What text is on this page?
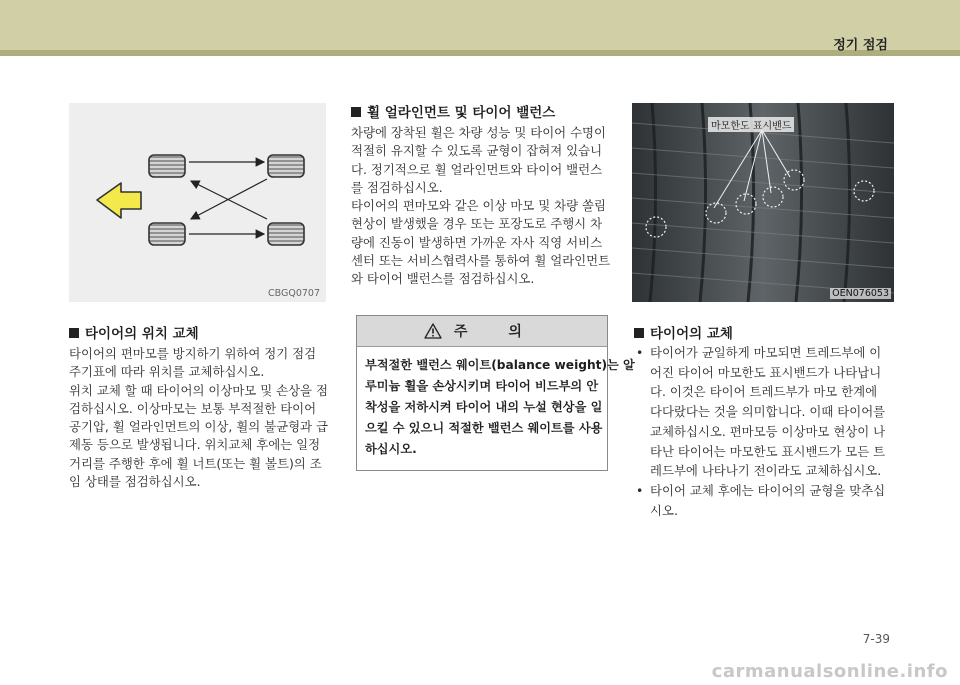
정기 점검
CBGQ0707
마모한도 표시밴드
OEN076053
타이어의 위치 교체
타이어의 편마모를 방지하기 위하여 정기 점검
주기표에 따라 위치를 교체하십시오.
위치 교체 할 때 타이어의 이상마모 및 손상을 점
검하십시오. 이상마모는 보통 부적절한 타이어
공기압, 휠 얼라인먼트의 이상, 휠의 불균형과 급
제동 등으로 발생됩니다. 위치교체 후에는 일정
거리를 주행한 후에 휠 너트(또는 휠 볼트)의 조
임 상태를 점검하십시오.
휠 얼라인먼트 및 타이어 밸런스
차량에 장착된 휠은 차량 성능 및 타이어 수명이
적절히 유지할 수 있도록 균형이 잡혀져 있습니
다. 정기적으로 휠 얼라인먼트와 타이어 밸런스
를 점검하십시오.
타이어의 편마모와 같은 이상 마모 및 차량 쏠림
현상이 발생했을 경우 또는 포장도로 주행시 차
량에 진동이 발생하면 가까운 자사 직영 서비스
센터 또는 서비스협력사를 통하여 휠 얼라인먼트
와 타이어 밸런스를 점검하십시오.
주 의
부적절한 밸런스 웨이트(balance weight)는 알
루미늄 휠을 손상시키며 타이어 비드부의 안
착성을 저하시켜 타이어 내의 누설 현상을 일
으킬 수 있으니 적절한 밸런스 웨이트를 사용
하십시오.
타이어의 교체
• 타이어가 균일하게 마모되면 트레드부에 이
어진 타이어 마모한도 표시밴드가 나타납니
다. 이것은 타이어 트레드부가 마모 한계에
다다랐다는 것을 의미합니다. 이때 타이어를
교체하십시오. 편마모등 이상마모 현상이 나
타난 타이어는 마모한도 표시밴드가 모든 트
레드부에 나타나기 전이라도 교체하십시오.
• 타이어 교체 후에는 타이어의 균형을 맞추십
시오.
7-39
carmanualsonline.info
